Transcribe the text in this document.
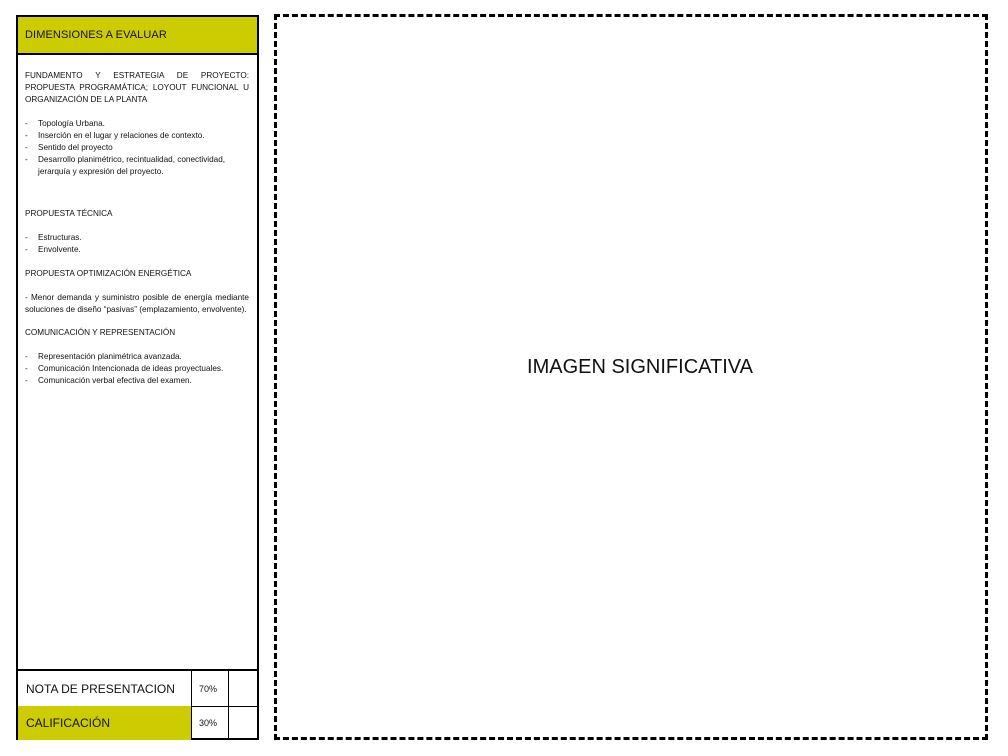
DIMENSIONES A EVALUAR

FUNDAMENTO Y ESTRATEGIA DE PROYECTO: PROPUESTA PROGRAMÁTICA; LOYOUT FUNCIONAL U ORGANIZACIÓN DE LA PLANTA

- Topología Urbana.
- Inserción en el lugar y relaciones de contexto.
- Sentido del proyecto
- Desarrollo planimétrico, recintualidad, conectividad, jerarquía y expresión del proyecto.

PROPUESTA TÉCNICA

- Estructuras.
- Envolvente.

PROPUESTA OPTIMIZACIÓN ENERGÉTICA

- Menor demanda y suministro posible de energía mediante soluciones de diseño “pasivas” (emplazamiento, envolvente).

COMUNICACIÓN Y REPRESENTACIÓN

- Representación planimétrica avanzada.
- Comunicación Intencionada de ideas proyectuales.
- Comunicación verbal efectiva del examen.
NOTA DE PRESENTACION	70%
CALIFICACIÓN	30%
IMAGEN SIGNIFICATIVA
